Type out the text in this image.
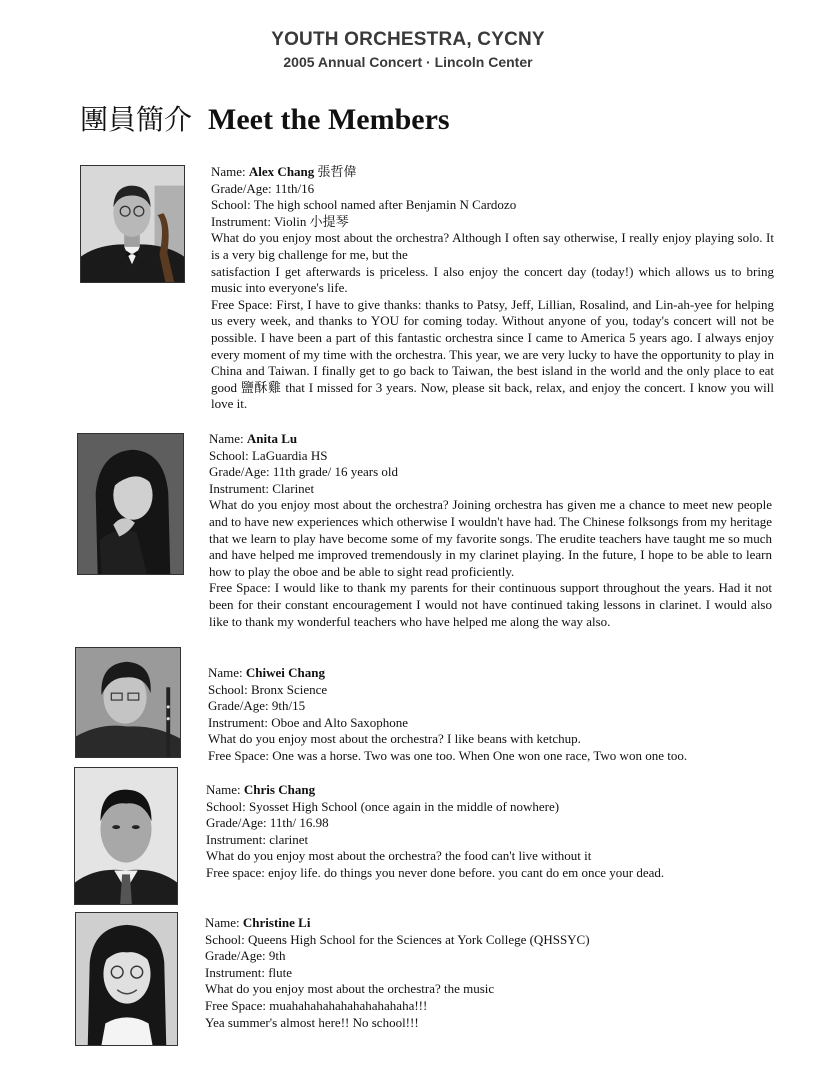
YOUTH ORCHESTRA, CYCNY
2005 Annual Concert · Lincoln Center
團員簡介 Meet the Members
Name: Alex Chang 張哲偉
Grade/Age: 11th/16
School: The high school named after Benjamin N Cardozo
Instrument: Violin 小提琴
What do you enjoy most about the orchestra? Although I often say otherwise, I really enjoy playing solo. It is a very big challenge for me, but the
satisfaction I get afterwards is priceless. I also enjoy the concert day (today!) which allows us to bring music into everyone's life.
Free Space: First, I have to give thanks: thanks to Patsy, Jeff, Lillian, Rosalind, and Lin-ah-yee for helping us every week, and thanks to YOU for coming today. Without anyone of you, today's concert will not be possible. I have been a part of this fantastic orchestra since I came to America 5 years ago. I always enjoy every moment of my time with the orchestra. This year, we are very lucky to have the opportunity to play in China and Taiwan. I finally get to go back to Taiwan, the best island in the world and the only place to eat good 鹽酥雞 that I missed for 3 years. Now, please sit back, relax, and enjoy the concert. I know you will love it.
Name: Anita Lu
School: LaGuardia HS
Grade/Age: 11th grade/ 16 years old
Instrument: Clarinet
What do you enjoy most about the orchestra? Joining orchestra has given me a chance to meet new people and to have new experiences which otherwise I wouldn't have had. The Chinese folksongs from my heritage that we learn to play have become some of my favorite songs. The erudite teachers have taught me so much and have helped me improved tremendously in my clarinet playing. In the future, I hope to be able to learn how to play the oboe and be able to sight read proficiently.
Free Space: I would like to thank my parents for their continuous support throughout the years. Had it not been for their constant encouragement I would not have continued taking lessons in clarinet. I would also like to thank my wonderful teachers who have helped me along the way also.
Name: Chiwei Chang
School: Bronx Science
Grade/Age: 9th/15
Instrument: Oboe and Alto Saxophone
What do you enjoy most about the orchestra? I like beans with ketchup.
Free Space: One was a horse. Two was one too. When One won one race, Two won one too.
Name: Chris Chang
School: Syosset High School (once again in the middle of nowhere)
Grade/Age: 11th/ 16.98
Instrument: clarinet
What do you enjoy most about the orchestra? the food can't live without it
Free space: enjoy life. do things you never done before. you cant do em once your dead.
Name: Christine Li
School: Queens High School for the Sciences at York College (QHSSYC)
Grade/Age: 9th
Instrument: flute
What do you enjoy most about the orchestra? the music
Free Space: muahahahahahahahahahaha!!!
Yea summer's almost here!! No school!!!
